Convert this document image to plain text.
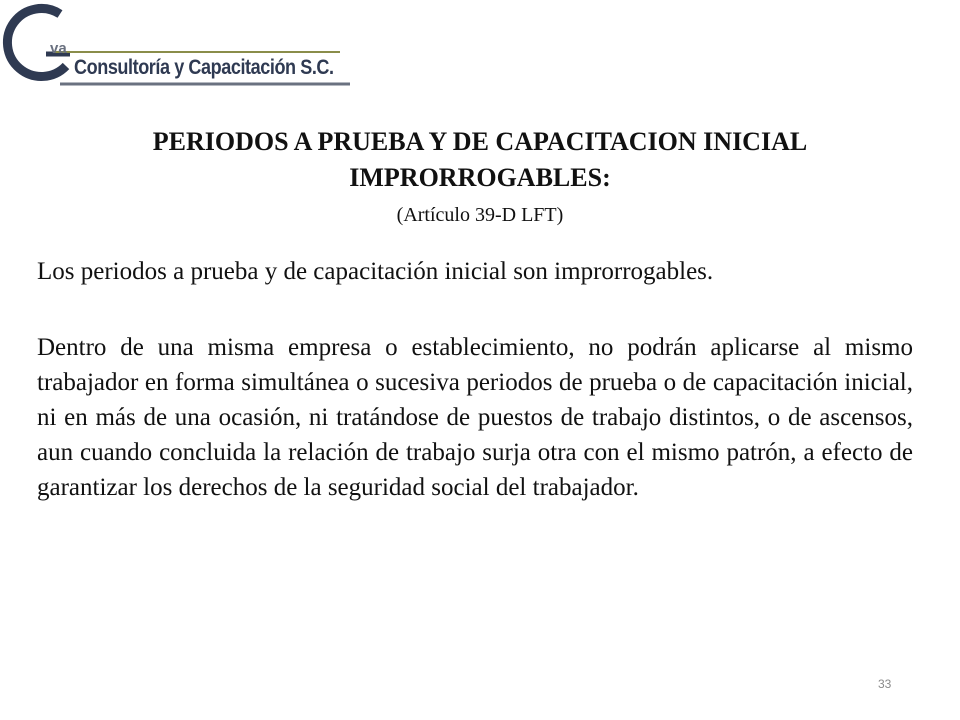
va
Consultoría y Capacitación S.C.
PERIODOS A PRUEBA Y DE CAPACITACION INICIAL
IMPRORROGABLES:

(Artículo 39-D LFT)

Los periodos a prueba y de capacitación inicial son improrrogables.

Dentro de una misma empresa o establecimiento, no podrán aplicarse al mismo trabajador en forma simultánea o sucesiva periodos de prueba o de capacitación inicial, ni en más de una ocasión, ni tratándose de puestos de trabajo distintos, o de ascensos, aun cuando concluida la relación de trabajo surja otra con el mismo patrón, a efecto de garantizar los derechos de la seguridad social del trabajador.

33
